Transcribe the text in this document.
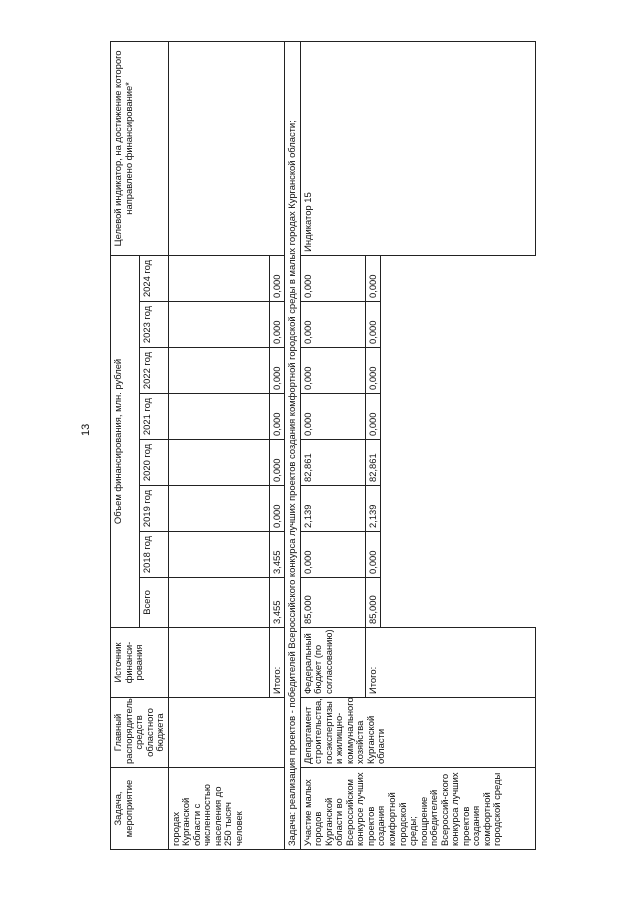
13
Задача, мероприятие	Главный распорядитель средств областного бюджета	Источник финанси-рования	Объем финансирования, млн. рублей								Целевой индикатор, на достижение которого направлено финансирование*
			Всего	2018 год	2019 год	2020 год	2021 год	2022 год	2023 год	2024 год	
городах Курганской области с численностью населения до 250 тысяч человек											
		Итого:	3,455	3,455	0,000	0,000	0,000	0,000	0,000	0,000	
Задача: реализация проектов - победителей Всероссийского конкурса лучших проектов создания комфортной городской среды в малых городах Курганской области;											
Участие малых городов Курганской области во Всероссийском конкурсе лучших проектов создания комфортной городской среды; поощрение победителей Всероссий-ского конкурса лучших проектов создания комфортной городской среды	Департамент строительства, госэкспертизы и жилищно-коммунального хозяйства Курганской области	Федеральный бюджет (по согласованию)	85,000	0,000	2,139	82,861	0,000	0,000	0,000	0,000	Индикатор 15
		Итого:	85,000	0,000	2,139	82,861	0,000	0,000	0,000	0,000	
